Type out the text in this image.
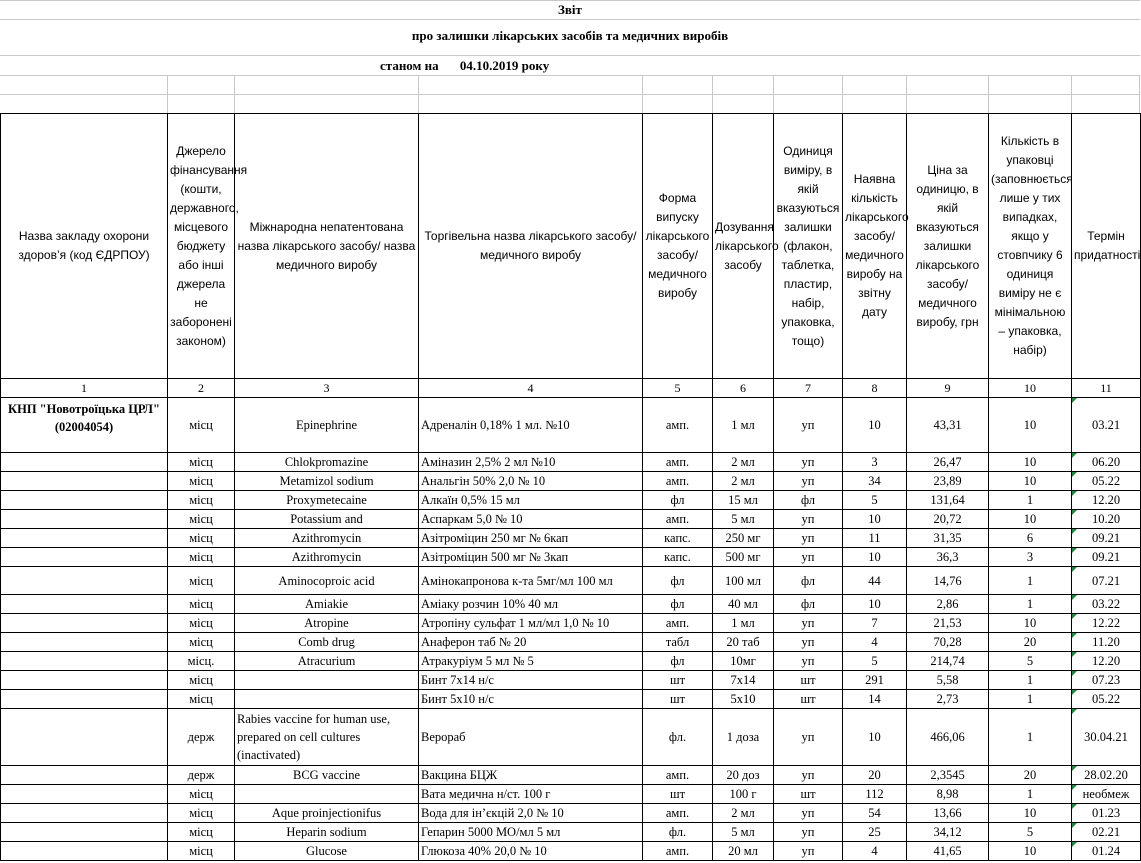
Звіт
про залишки лікарських засобів та медичних виробів
станом на 04.10.2019 року
Назва закладу охорони здоров’я (код ЄДРПОУ)	Джерело фінансування (кошти, державного, місцевого бюджету або інші джерела не заборонені законом)	Міжнародна непатентована назва лікарського засобу/ назва медичного виробу	Торгівельна назва лікарського засобу/ медичного виробу	Форма випуску лікарського засобу/ медичного виробу	Дозування лікарського засобу	Одиниця виміру, в якій вказуються залишки (флакон, таблетка, пластир, набір, упаковка, тощо)	Наявна кількість лікарського засобу/медичного виробу на звітну дату	Ціна за одиницю, в якій вказуються залишки лікарського засобу/медичного виробу, грн	Кількість в упаковці (заповнюється лише у тих випадках, якщо у стовпчику 6 одиниця виміру не є мінімальною – упаковка, набір)	Термін придатності
1	2	3	4	5	6	7	8	9	10	11
КНП "Новотроїцька ЦРЛ" (02004054)	місц	Epinephrine	Адреналін 0,18% 1 мл. №10	амп.	1 мл	уп	10	43,31	10	03.21
	місц	Chlokpromazine	Аміназин 2,5% 2 мл №10	амп.	2 мл	уп	3	26,47	10	06.20
	місц	Metamizol sodium	Анальгін 50% 2,0 № 10	амп.	2 мл	уп	34	23,89	10	05.22
	місц	Proxymetecaine	Алкаїн 0,5% 15 мл	фл	15 мл	фл	5	131,64	1	12.20
	місц	Potassium and	Аспаркам 5,0 № 10	амп.	5 мл	уп	10	20,72	10	10.20
	місц	Azithromycin	Азітроміцин 250 мг № 6кап	капс.	250 мг	уп	11	31,35	6	09.21
	місц	Azithromycin	Азітроміцин 500 мг № 3кап	капс.	500 мг	уп	10	36,3	3	09.21
	місц	Aminocoproic acid	Амінокапронова к-та 5мг/мл 100 мл	фл	100 мл	фл	44	14,76	1	07.21
	місц	Amiakie	Аміаку розчин 10% 40 мл	фл	40 мл	фл	10	2,86	1	03.22
	місц	Atropine	Атропіну сульфат 1 мл/мл 1,0 № 10	амп.	1 мл	уп	7	21,53	10	12.22
	місц	Comb drug	Анаферон таб № 20	табл	20 таб	уп	4	70,28	20	11.20
	місц.	Atracurium	Атракуріум 5 мл № 5	фл	10мг	уп	5	214,74	5	12.20
	місц		Бинт 7х14 н/с	шт	7х14	шт	291	5,58	1	07.23
	місц		Бинт 5х10 н/с	шт	5х10	шт	14	2,73	1	05.22
	держ	Rabies vaccine for human use, prepared on cell cultures (inactivated)	Верораб	фл.	1 доза	уп	10	466,06	1	30.04.21
	держ	BCG vaccine	Вакцина БЦЖ	амп.	20 доз	уп	20	2,3545	20	28.02.20
	місц		Вата медична н/ст. 100 г	шт	100 г	шт	112	8,98	1	необмеж
	місц	Aque proinjectionifus	Вода для ін’єкцій 2,0 № 10	амп.	2 мл	уп	54	13,66	10	01.23
	місц	Heparin sodium	Гепарин 5000 МО/мл 5 мл	фл.	5 мл	уп	25	34,12	5	02.21
	місц	Glucose	Глюкоза 40% 20,0 № 10	амп.	20 мл	уп	4	41,65	10	01.24
